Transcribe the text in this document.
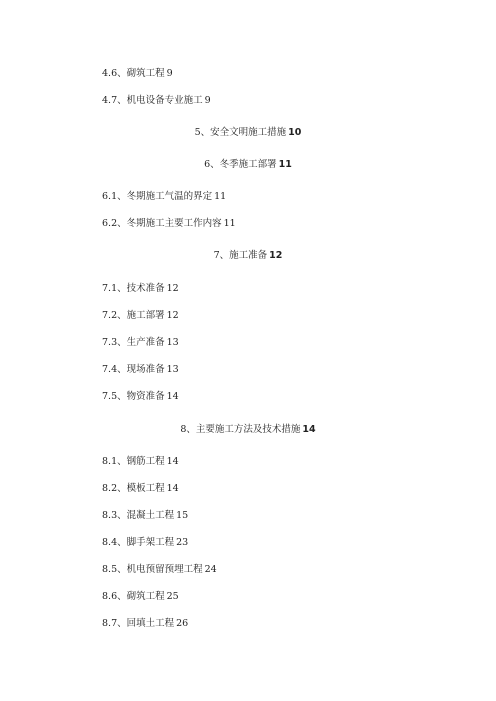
4.6、砌筑工程 9
4.7、机电设备专业施工 9
5、安全文明施工措施 10
6、冬季施工部署 11
6.1、冬期施工气温的界定 11
6.2、冬期施工主要工作内容 11
7、施工准备 12
7.1、技术准备 12
7.2、施工部署 12
7.3、生产准备 13
7.4、现场准备 13
7.5、物资准备 14
8、主要施工方法及技术措施 14
8.1、钢筋工程 14
8.2、模板工程 14
8.3、混凝土工程 15
8.4、脚手架工程 23
8.5、机电预留预埋工程 24
8.6、砌筑工程 25
8.7、回填土工程 26
